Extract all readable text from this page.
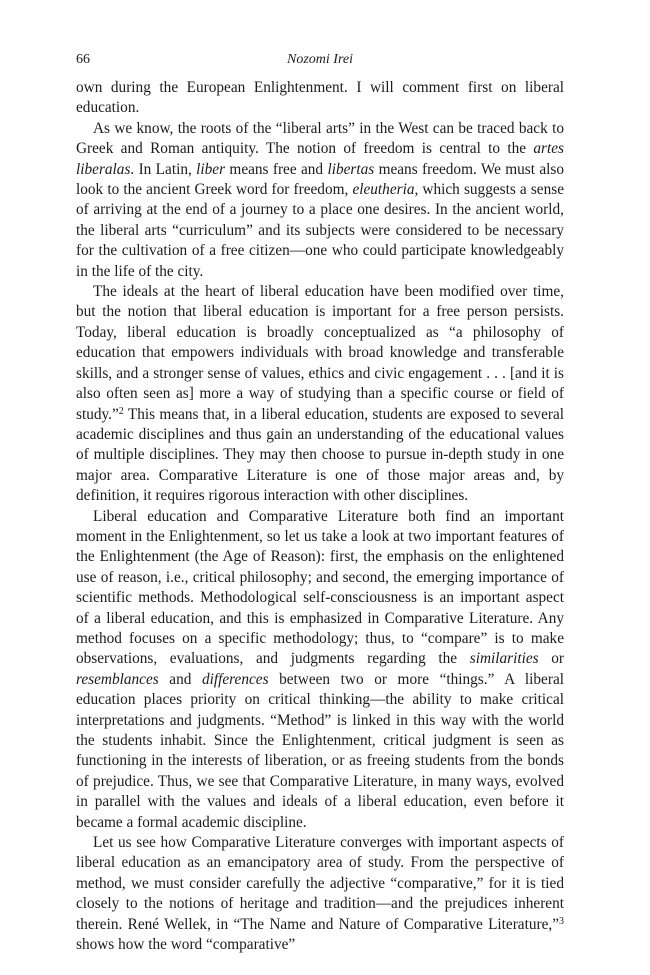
66	Nozomi Irei

own during the European Enlightenment. I will comment first on liberal education.

As we know, the roots of the “liberal arts” in the West can be traced back to Greek and Roman antiquity. The notion of freedom is central to the artes liberalas. In Latin, liber means free and libertas means freedom. We must also look to the ancient Greek word for freedom, eleutheria, which suggests a sense of arriving at the end of a journey to a place one desires. In the ancient world, the liberal arts “curriculum” and its subjects were considered to be necessary for the cultivation of a free citizen—one who could participate knowledgeably in the life of the city.

The ideals at the heart of liberal education have been modified over time, but the notion that liberal education is important for a free person persists. Today, liberal education is broadly conceptualized as “a philosophy of education that empowers individuals with broad knowledge and transferable skills, and a stronger sense of values, ethics and civic engagement . . . [and it is also often seen as] more a way of studying than a specific course or field of study.”$^2$ This means that, in a liberal education, students are exposed to several academic disciplines and thus gain an understanding of the educational values of multiple disciplines. They may then choose to pursue in-depth study in one major area. Comparative Literature is one of those major areas and, by definition, it requires rigorous interaction with other disciplines.

Liberal education and Comparative Literature both find an important moment in the Enlightenment, so let us take a look at two important features of the Enlightenment (the Age of Reason): first, the emphasis on the enlightened use of reason, i.e., critical philosophy; and second, the emerging importance of scientific methods. Methodological self-consciousness is an important aspect of a liberal education, and this is emphasized in Comparative Literature. Any method focuses on a specific methodology; thus, to “compare” is to make observations, evaluations, and judgments regarding the similarities or resemblances and differences between two or more “things.” A liberal education places priority on critical thinking—the ability to make critical interpretations and judgments. “Method” is linked in this way with the world the students inhabit. Since the Enlightenment, critical judgment is seen as functioning in the interests of liberation, or as freeing students from the bonds of prejudice. Thus, we see that Comparative Literature, in many ways, evolved in parallel with the values and ideals of a liberal education, even before it became a formal academic discipline.

Let us see how Comparative Literature converges with important aspects of liberal education as an emancipatory area of study. From the perspective of method, we must consider carefully the adjective “comparative,” for it is tied closely to the notions of heritage and tradition—and the prejudices inherent therein. René Wellek, in “The Name and Nature of Comparative Literature,”$^3$ shows how the word “comparative”
